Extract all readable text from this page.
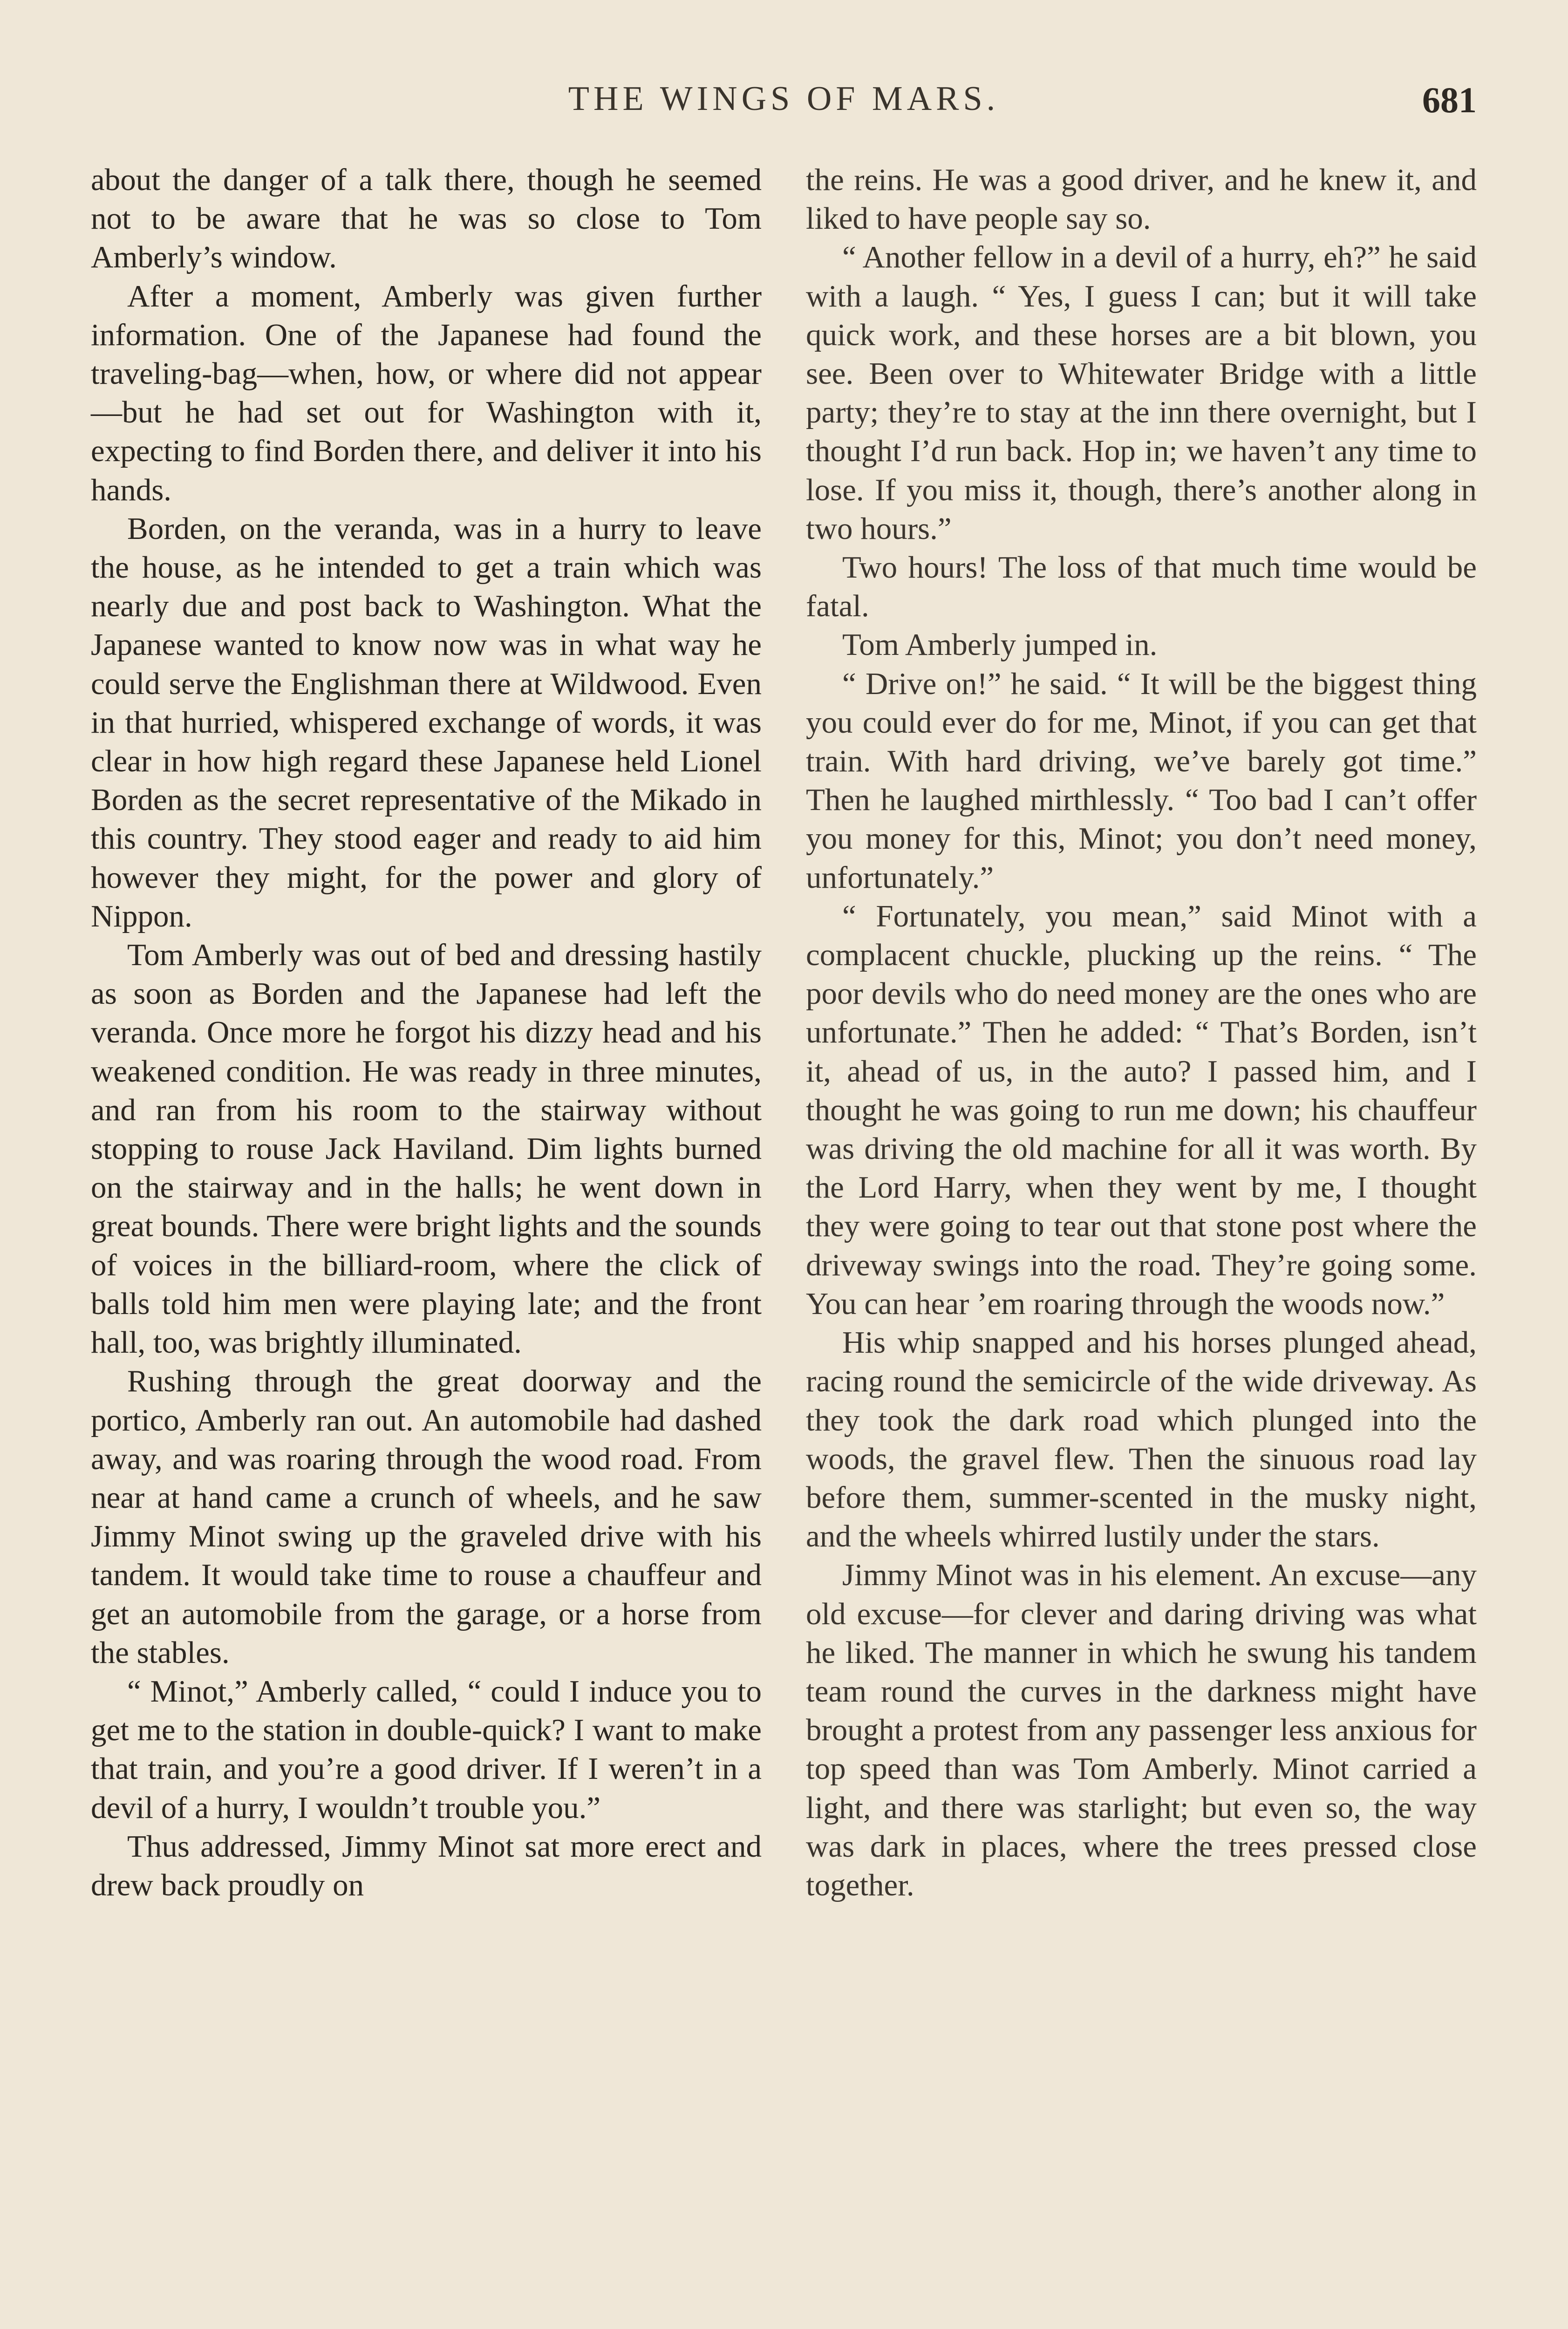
THE WINGS OF MARS.	681

about the danger of a talk there, though he seemed not to be aware that he was so close to Tom Amberly’s window.

After a moment, Amberly was given further information. One of the Japanese had found the traveling-bag—when, how, or where did not appear—but he had set out for Washington with it, expecting to find Borden there, and deliver it into his hands.

Borden, on the veranda, was in a hurry to leave the house, as he intended to get a train which was nearly due and post back to Washington. What the Japanese wanted to know now was in what way he could serve the Englishman there at Wildwood. Even in that hurried, whispered exchange of words, it was clear in how high regard these Japanese held Lionel Borden as the secret representative of the Mikado in this country. They stood eager and ready to aid him however they might, for the power and glory of Nippon.

Tom Amberly was out of bed and dressing hastily as soon as Borden and the Japanese had left the veranda. Once more he forgot his dizzy head and his weakened condition. He was ready in three minutes, and ran from his room to the stairway without stopping to rouse Jack Haviland. Dim lights burned on the stairway and in the halls; he went down in great bounds. There were bright lights and the sounds of voices in the billiard-room, where the click of balls told him men were playing late; and the front hall, too, was brightly illuminated.

Rushing through the great doorway and the portico, Amberly ran out. An automobile had dashed away, and was roaring through the wood road. From near at hand came a crunch of wheels, and he saw Jimmy Minot swing up the graveled drive with his tandem. It would take time to rouse a chauffeur and get an automobile from the garage, or a horse from the stables.

“ Minot,” Amberly called, “ could I induce you to get me to the station in double-quick? I want to make that train, and you’re a good driver. If I weren’t in a devil of a hurry, I wouldn’t trouble you.”

Thus addressed, Jimmy Minot sat more erect and drew back proudly on

the reins. He was a good driver, and he knew it, and liked to have people say so.

“ Another fellow in a devil of a hurry, eh?” he said with a laugh. “ Yes, I guess I can; but it will take quick work, and these horses are a bit blown, you see. Been over to Whitewater Bridge with a little party; they’re to stay at the inn there overnight, but I thought I’d run back. Hop in; we haven’t any time to lose. If you miss it, though, there’s another along in two hours.”

Two hours! The loss of that much time would be fatal.

Tom Amberly jumped in.

“ Drive on!” he said. “ It will be the biggest thing you could ever do for me, Minot, if you can get that train. With hard driving, we’ve barely got time.” Then he laughed mirthlessly. “ Too bad I can’t offer you money for this, Minot; you don’t need money, unfortunately.”

“ Fortunately, you mean,” said Minot with a complacent chuckle, plucking up the reins. “ The poor devils who do need money are the ones who are unfortunate.” Then he added: “ That’s Borden, isn’t it, ahead of us, in the auto? I passed him, and I thought he was going to run me down; his chauffeur was driving the old machine for all it was worth. By the Lord Harry, when they went by me, I thought they were going to tear out that stone post where the driveway swings into the road. They’re going some. You can hear ’em roaring through the woods now.”

His whip snapped and his horses plunged ahead, racing round the semicircle of the wide driveway. As they took the dark road which plunged into the woods, the gravel flew. Then the sinuous road lay before them, summer-scented in the musky night, and the wheels whirred lustily under the stars.

Jimmy Minot was in his element. An excuse—any old excuse—for clever and daring driving was what he liked. The manner in which he swung his tandem team round the curves in the darkness might have brought a protest from any passenger less anxious for top speed than was Tom Amberly. Minot carried a light, and there was starlight; but even so, the way was dark in places, where the trees pressed close together.
